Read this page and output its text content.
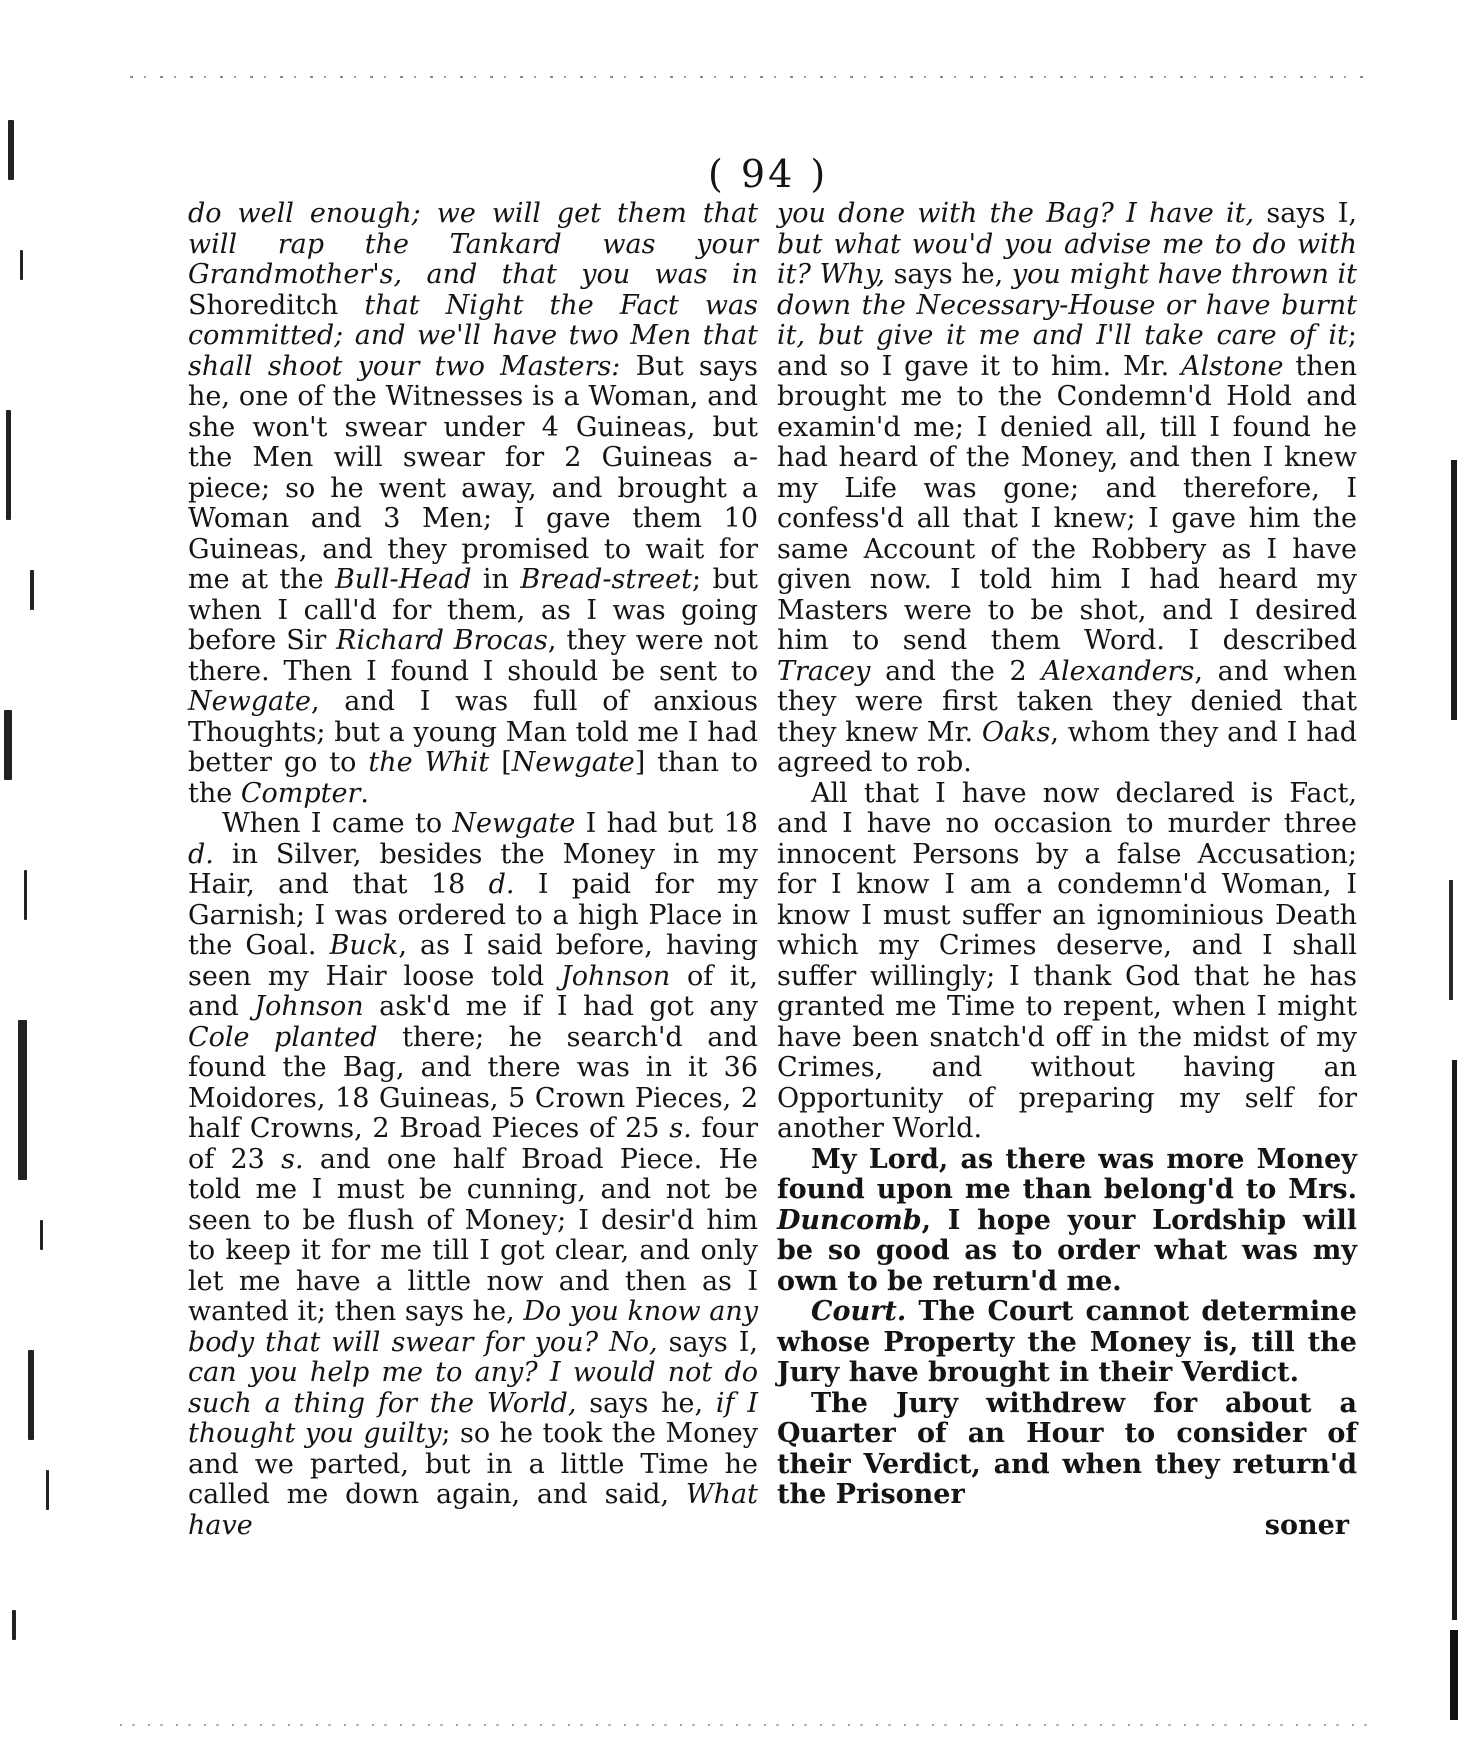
( 94 )

do well enough; we will get them that will rap the Tankard was your Grandmother's, and that you was in Shoreditch that Night the Fact was committed; and we'll have two Men that shall shoot your two Masters: But says he, one of the Witnesses is a Woman, and she won't swear under 4 Guineas, but the Men will swear for 2 Guineas a-piece; so he went away, and brought a Woman and 3 Men; I gave them 10 Guineas, and they promised to wait for me at the Bull-Head in Bread-street; but when I call'd for them, as I was going before Sir Richard Brocas, they were not there. Then I found I should be sent to Newgate, and I was full of anxious Thoughts; but a young Man told me I had better go to the Whit [Newgate] than to the Compter.

When I came to Newgate I had but 18 d. in Silver, besides the Money in my Hair, and that 18 d. I paid for my Garnish; I was ordered to a high Place in the Goal. Buck, as I said before, having seen my Hair loose told Johnson of it, and Johnson ask'd me if I had got any Cole planted there; he search'd and found the Bag, and there was in it 36 Moidores, 18 Guineas, 5 Crown Pieces, 2 half Crowns, 2 Broad Pieces of 25 s. four of 23 s. and one half Broad Piece. He told me I must be cunning, and not be seen to be flush of Money; I desir'd him to keep it for me till I got clear, and only let me have a little now and then as I wanted it; then says he, Do you know any body that will swear for you? No, says I, can you help me to any? I would not do such a thing for the World, says he, if I thought you guilty; so he took the Money and we parted, but in a little Time he called me down again, and said, What have

you done with the Bag? I have it, says I, but what wou'd you advise me to do with it? Why, says he, you might have thrown it down the Necessary-House or have burnt it, but give it me and I'll take care of it; and so I gave it to him. Mr. Alstone then brought me to the Condemn'd Hold and examin'd me; I denied all, till I found he had heard of the Money, and then I knew my Life was gone; and therefore, I confess'd all that I knew; I gave him the same Account of the Robbery as I have given now. I told him I had heard my Masters were to be shot, and I desired him to send them Word. I described Tracey and the 2 Alexanders, and when they were first taken they denied that they knew Mr. Oaks, whom they and I had agreed to rob.

All that I have now declared is Fact, and I have no occasion to murder three innocent Persons by a false Accusation; for I know I am a condemn'd Woman, I know I must suffer an ignominious Death which my Crimes deserve, and I shall suffer willingly; I thank God that he has granted me Time to repent, when I might have been snatch'd off in the midst of my Crimes, and without having an Opportunity of preparing my self for another World.

My Lord, as there was more Money found upon me than belong'd to Mrs. Duncomb, I hope your Lordship will be so good as to order what was my own to be return'd me.

Court. The Court cannot determine whose Property the Money is, till the Jury have brought in their Verdict.

The Jury withdrew for about a Quarter of an Hour to consider of their Verdict, and when they return'd the Prisoner

soner
